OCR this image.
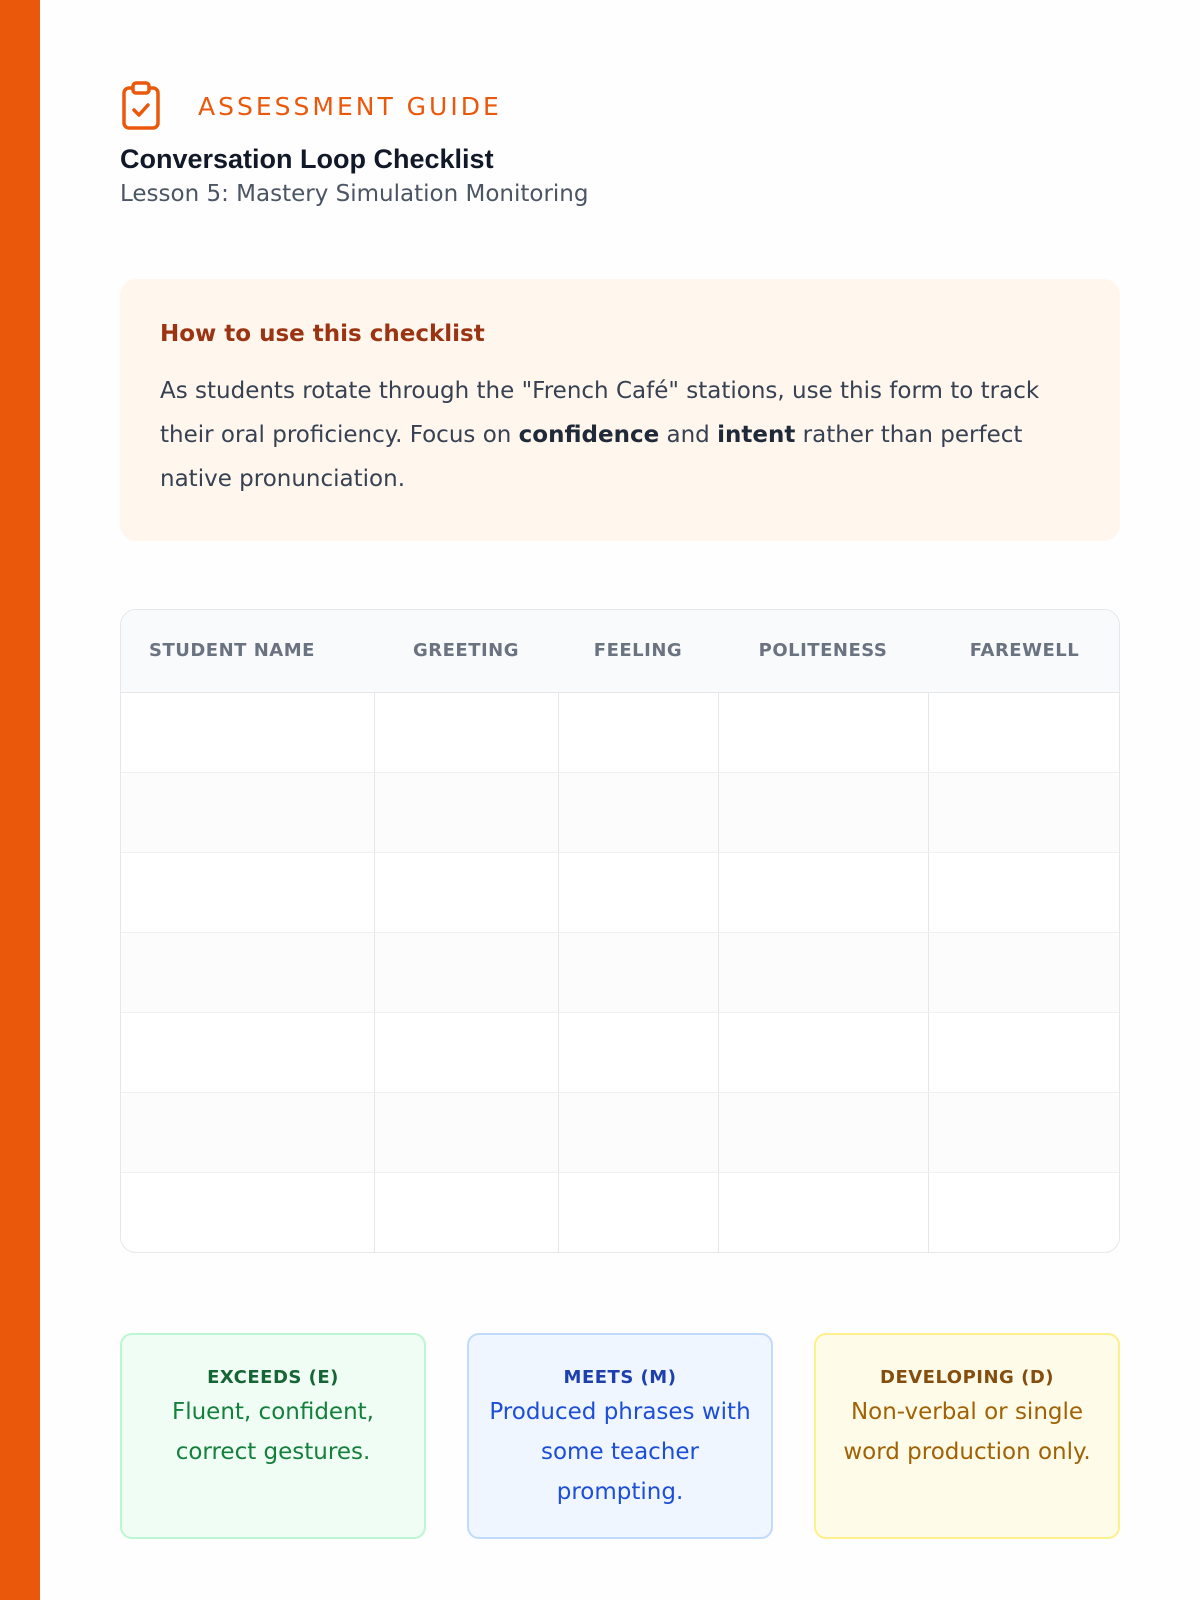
ASSESSMENT GUIDE
Conversation Loop Checklist
Lesson 5: Mastery Simulation Monitoring
How to use this checklist

As students rotate through the "French Café" stations, use this form to track their oral proficiency. Focus on confidence and intent rather than perfect native pronunciation.

STUDENT NAME	GREETING	FEELING	POLITENESS	FAREWELL

EXCEEDS (E)
Fluent, confident, correct gestures.
MEETS (M)
Produced phrases with some teacher prompting.
DEVELOPING (D)
Non-verbal or single word production only.
